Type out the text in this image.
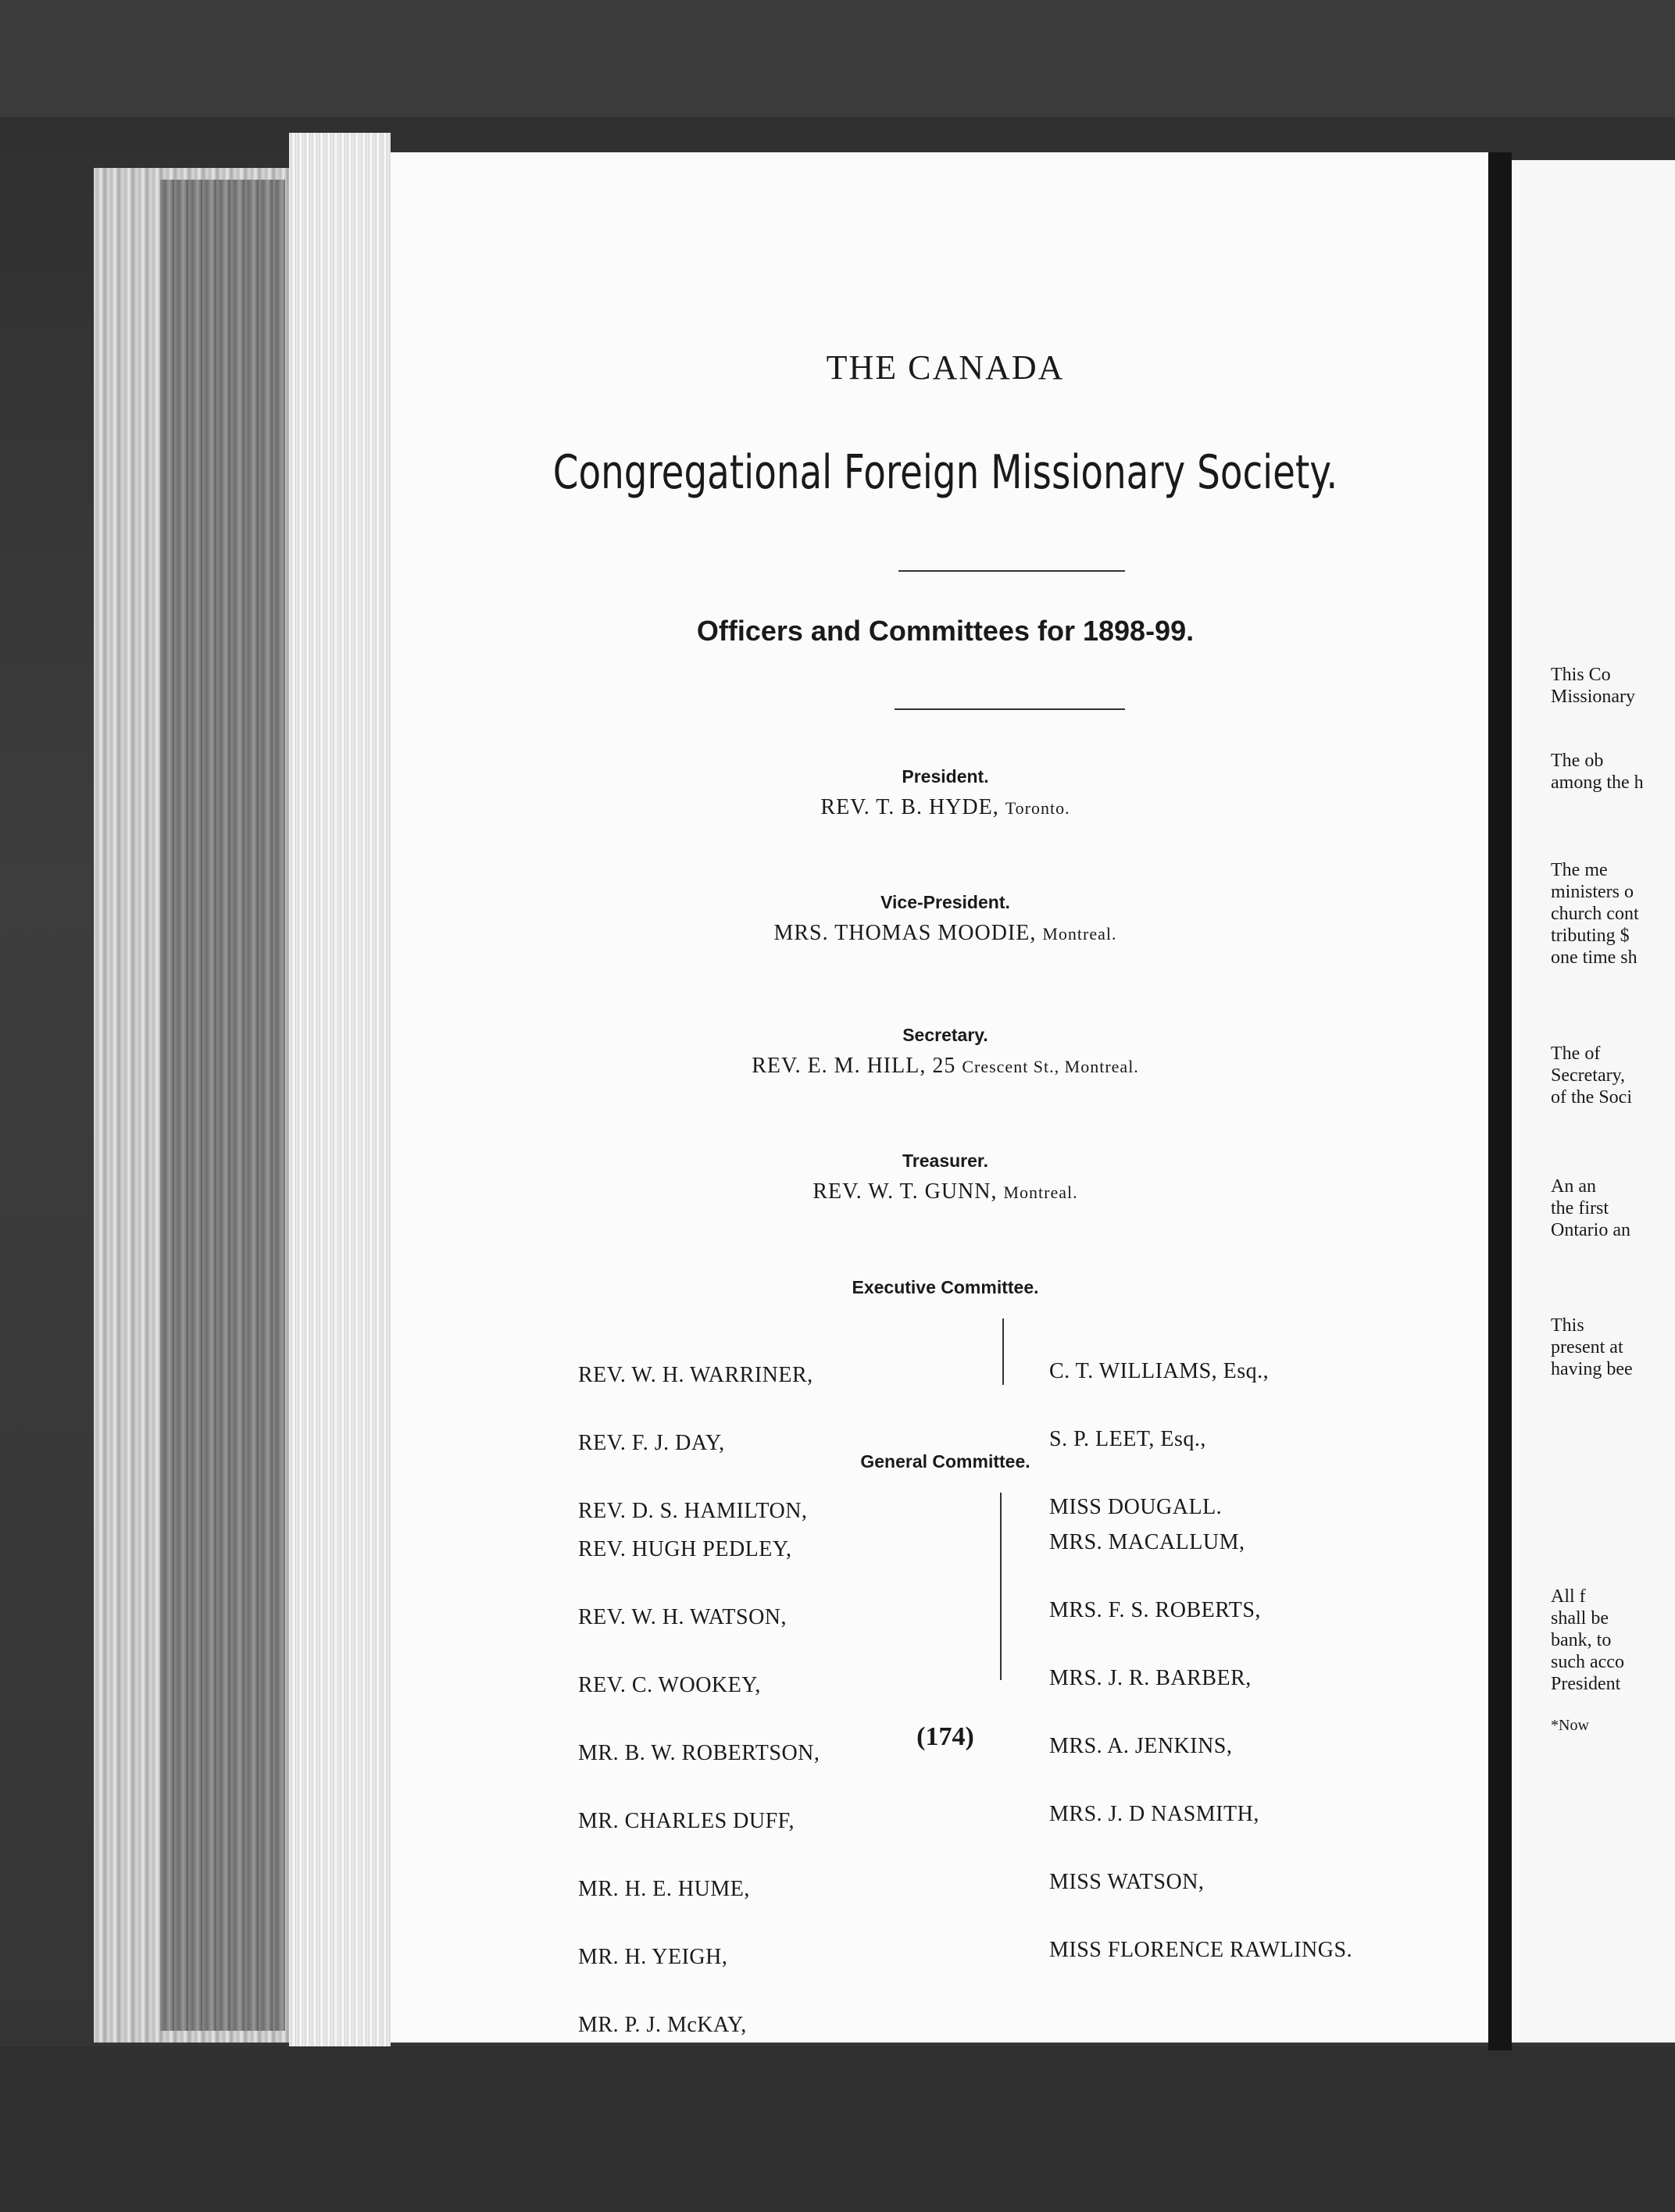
THE CANADA
Congregational Foreign Missionary Society.
Officers and Committees for 1898-99.
President.
REV. T. B. HYDE, Toronto.
Vice-President.
MRS. THOMAS MOODIE, Montreal.
Secretary.
REV. E. M. HILL, 25 Crescent St., Montreal.
Treasurer.
REV. W. T. GUNN, Montreal.
Executive Committee.

REV. W. H. WARRINER,

REV. F. J. DAY,

REV. D. S. HAMILTON,

C. T. WILLIAMS, Esq.,

S. P. LEET, Esq.,

MISS DOUGALL.

General Committee.

REV. HUGH PEDLEY,

REV. W. H. WATSON,

REV. C. WOOKEY,

MR. B. W. ROBERTSON,

MR. CHARLES DUFF,

MR. H. E. HUME,

MR. H. YEIGH,

MR. P. J. McKAY,

MRS. MACALLUM,

MRS. F. S. ROBERTS,

MRS. J. R. BARBER,

MRS. A. JENKINS,

MRS. J. D NASMITH,

MISS WATSON,

MISS FLORENCE RAWLINGS.

(174)
This Co
Missionary
The ob
among the h
The me
ministers o
church cont
tributing $
one time sh
The of
Secretary,
of the Soci
An an
the first
Ontario an
This
present at
having bee
All f
shall be
bank, to
such acco
President
*Now
